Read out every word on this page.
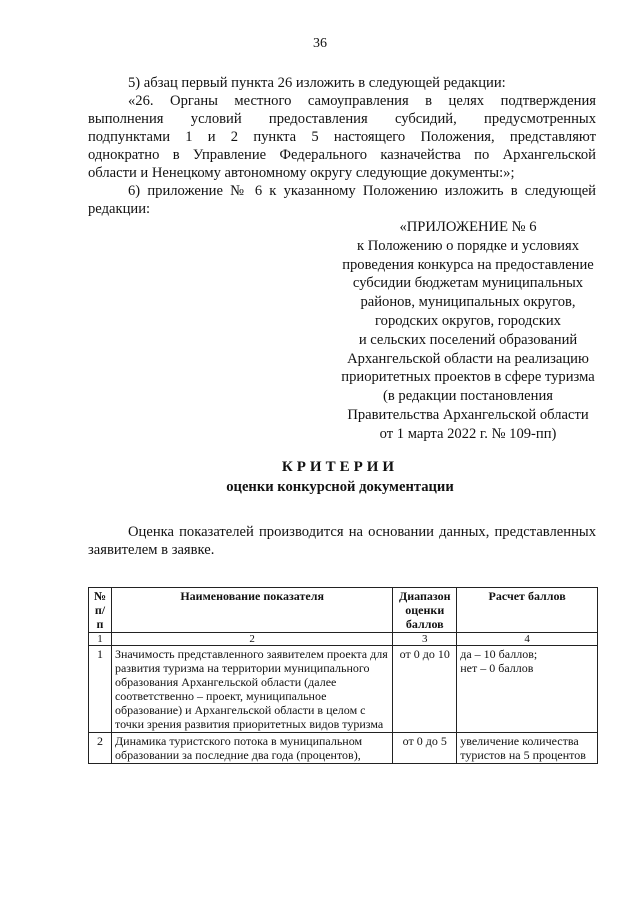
36

5) абзац первый пункта 26 изложить в следующей редакции:

«26. Органы местного самоуправления в целях подтверждения

выполнения условий предоставления субсидий, предусмотренных

подпунктами 1 и 2 пункта 5 настоящего Положения, представляют

однократно в Управление Федерального казначейства по Архангельской

области и Ненецкому автономному округу следующие документы:»;

6) приложение № 6 к указанному Положению изложить в следующей

редакции:

«ПРИЛОЖЕНИЕ № 6
к Положению о порядке и условиях
проведения конкурса на предоставление
субсидии бюджетам муниципальных
районов, муниципальных округов,
городских округов, городских
и сельских поселений образований
Архангельской области на реализацию
приоритетных проектов в сфере туризма
(в редакции постановления
Правительства Архангельской области
от 1 марта 2022 г. № 109-пп)
КРИТЕРИИ
оценки конкурсной документации
Оценка показателей производится на основании данных, представленных
заявителем в заявке.
№ п/п	Наименование показателя	Диапазон оценки баллов	Расчет баллов
1	2	3	4
1	Значимость представленного заявителем проекта для развития туризма на территории муниципального образования Архангельской области (далее соответственно – проект, муниципальное образование) и Архангельской области в целом с точки зрения развития приоритетных видов туризма	от 0 до 10	да – 10 баллов;
нет – 0 баллов

2	Динамика туристского потока в муниципальном образовании за последние два года (процентов),	от 0 до 5	увеличение количества
туристов на 5 процентов
